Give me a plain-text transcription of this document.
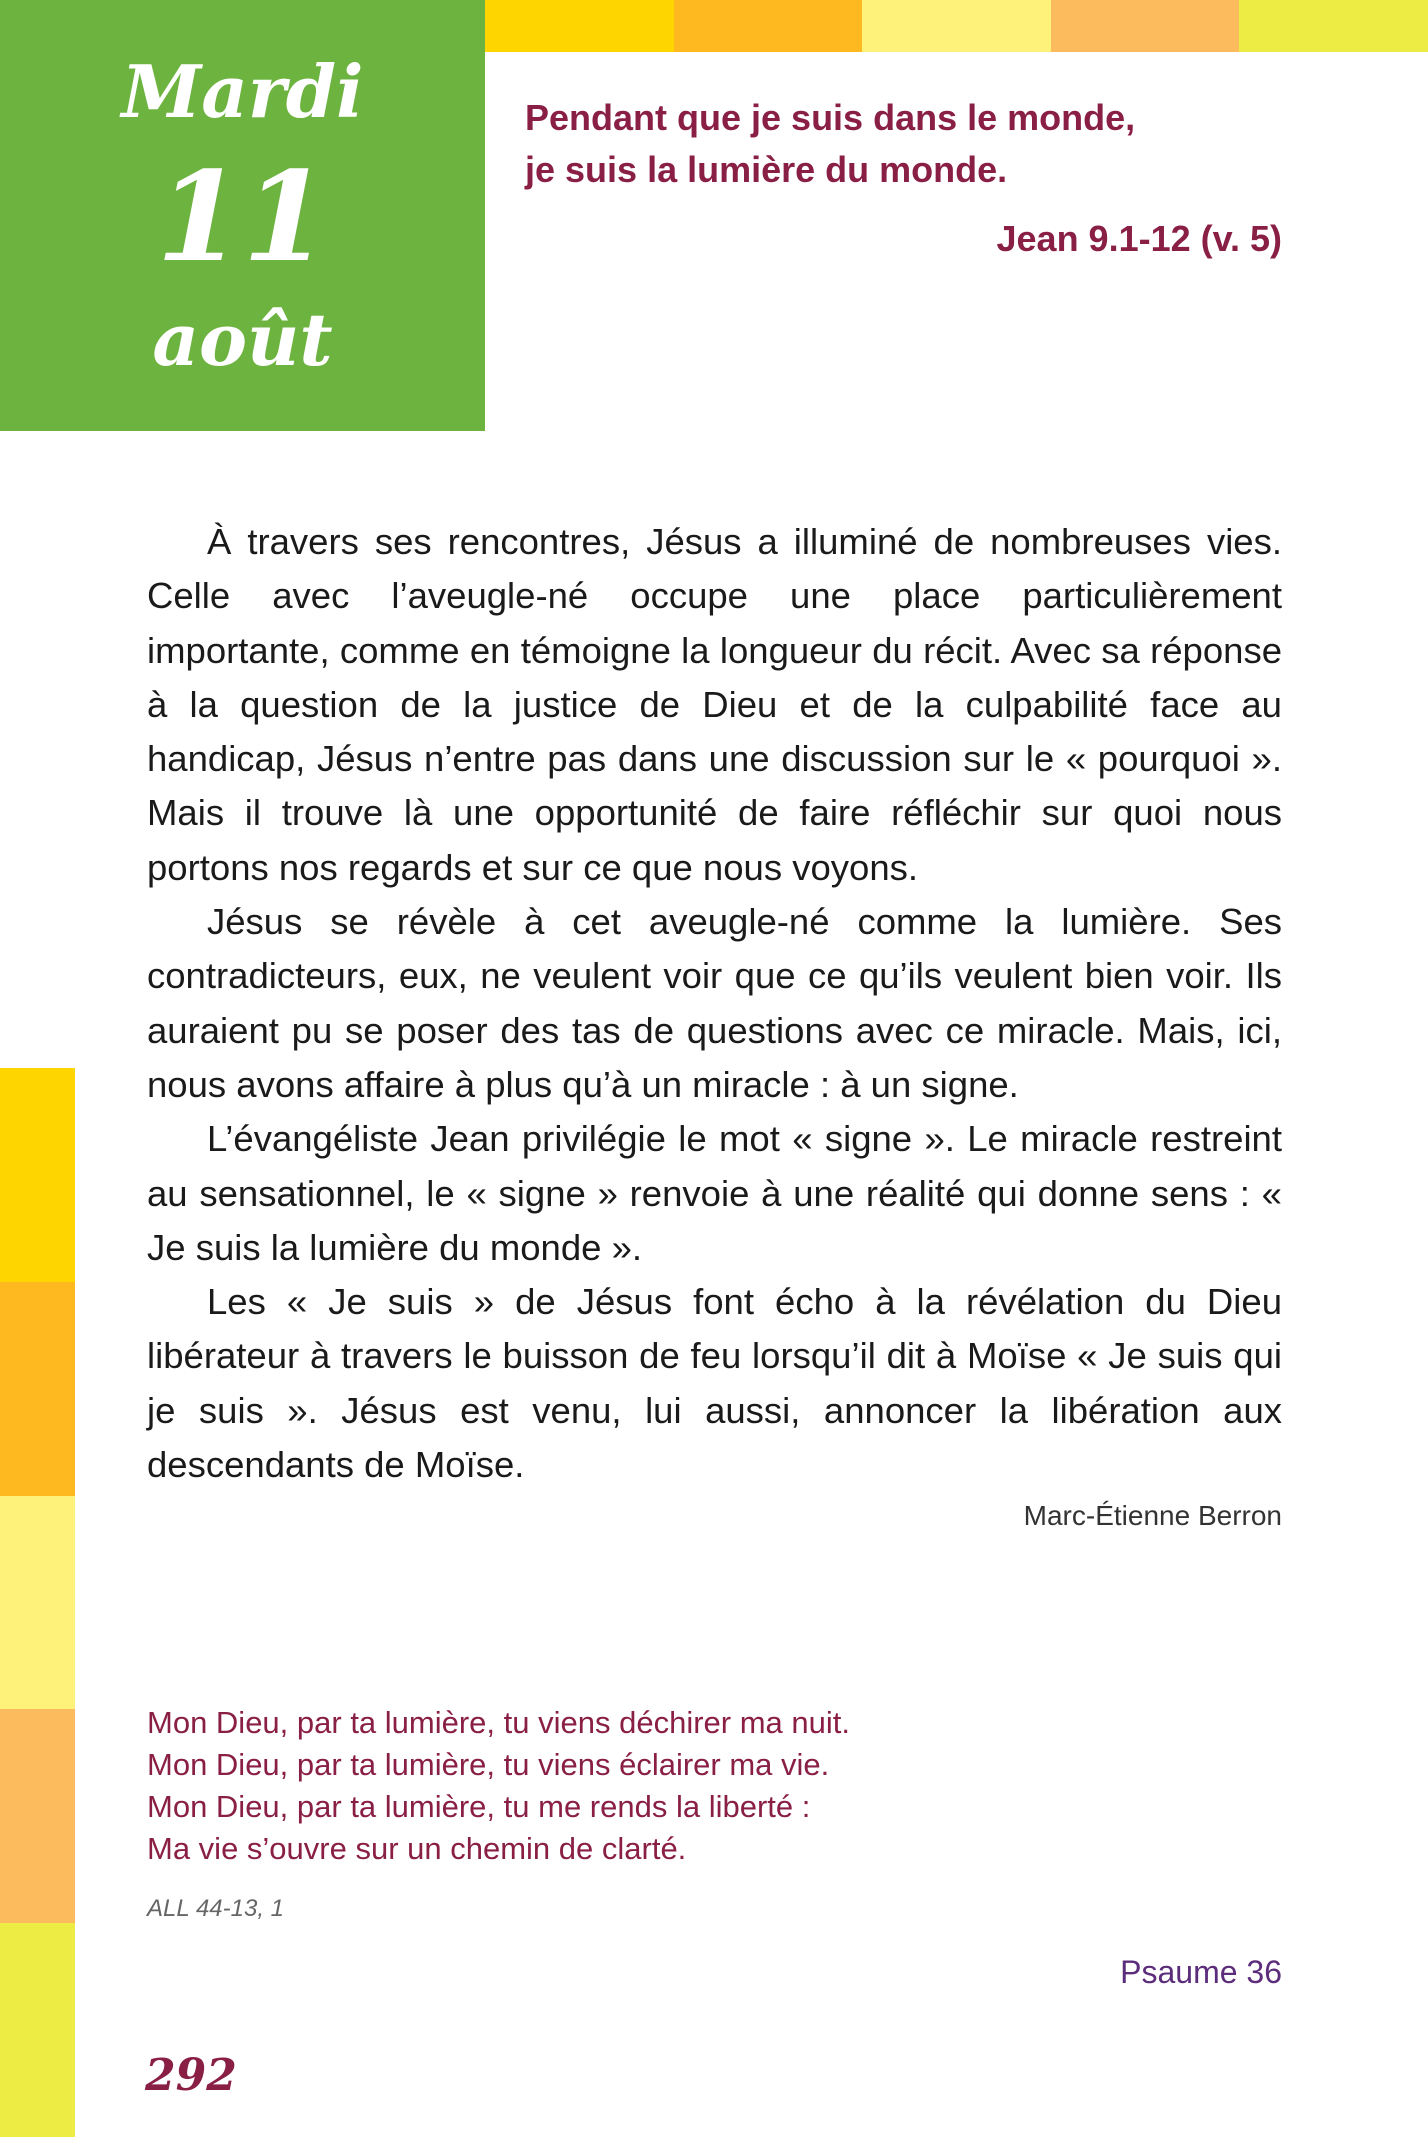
Mardi
11
août
Pendant que je suis dans le monde,
je suis la lumière du monde.
Jean 9.1-12 (v. 5)

À travers ses rencontres, Jésus a illuminé de nombreuses vies. Celle avec l’aveugle-né occupe une place particulièrement importante, comme en témoigne la longueur du récit. Avec sa réponse à la question de la justice de Dieu et de la culpabilité face au handicap, Jésus n’entre pas dans une discussion sur le « pourquoi ». Mais il trouve là une opportunité de faire réfléchir sur quoi nous portons nos regards et sur ce que nous voyons.

Jésus se révèle à cet aveugle-né comme la lumière. Ses contradicteurs, eux, ne veulent voir que ce qu’ils veulent bien voir. Ils auraient pu se poser des tas de questions avec ce miracle. Mais, ici, nous avons affaire à plus qu’à un miracle : à un signe.

L’évangéliste Jean privilégie le mot « signe ». Le miracle restreint au sensationnel, le « signe » renvoie à une réalité qui donne sens : « Je suis la lumière du monde ».

Les « Je suis » de Jésus font écho à la révélation du Dieu libérateur à travers le buisson de feu lorsqu’il dit à Moïse « Je suis qui je suis ». Jésus est venu, lui aussi, annoncer la libération aux descendants de Moïse.

Marc-Étienne Berron
Mon Dieu, par ta lumière, tu viens déchirer ma nuit.
Mon Dieu, par ta lumière, tu viens éclairer ma vie.
Mon Dieu, par ta lumière, tu me rends la liberté :
Ma vie s’ouvre sur un chemin de clarté.
ALL 44-13, 1
Psaume 36
292
